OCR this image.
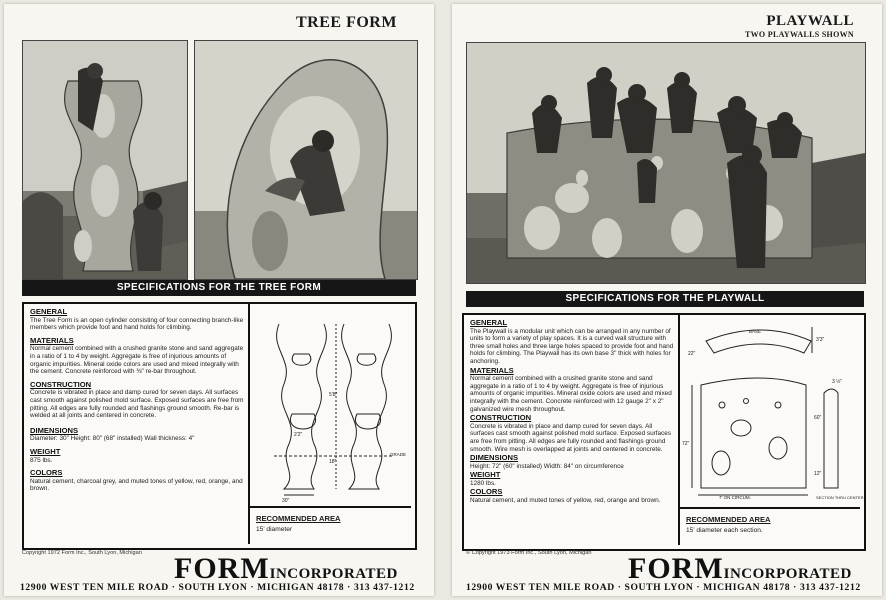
TREE FORM
SPECIFICATIONS FOR THE TREE FORM
GENERAL

The Tree Form is an open cylinder consisting of four connecting branch-like members which provide foot and hand holds for climbing.

MATERIALS

Normal cement combined with a crushed granite stone and sand aggregate in a ratio of 1 to 4 by weight. Aggregate is free of injurious amounts of organic impurities. Mineral oxide colors are used and mixed integrally with the cement. Concrete reinforced with ⅜" re-bar throughout.

CONSTRUCTION

Concrete is vibrated in place and damp cured for seven days. All surfaces cast smooth against polished mold surface. Exposed surfaces are free from pitting. All edges are fully rounded and flashings ground smooth. Re-bar is welded at all joints and centered in concrete.

DIMENSIONS

Diameter: 30" Height: 80" (68" installed) Wall thickness: 4"

WEIGHT

875 lbs.

COLORS

Natural cement, charcoal grey, and muted tones of yellow, red, orange, and brown.

5'8"
2'2"
18"
GRADE
30"
RECOMMENDED AREA
15' diameter
Copyright 1972 Form Inc., South Lyon, Michigan FORMINCORPORATED
12900 WEST TEN MILE ROAD · SOUTH LYON · MICHIGAN 48178 · 313 437-1212
PLAYWALL
TWO PLAYWALLS SHOWN
SPECIFICATIONS FOR THE PLAYWALL
GENERAL

The Playwall is a modular unit which can be arranged in any number of units to form a variety of play spaces. It is a curved wall structure with three small holes and three large holes spaced to provide foot and hand holds for climbing. The Playwall has its own base 3" thick with holes for anchoring.

MATERIALS

Normal cement combined with a crushed granite stone and sand aggregate in a ratio of 1 to 4 by weight. Aggregate is free of injurious amounts of organic impurities. Mineral oxide colors are used and mixed integrally with the cement. Concrete reinforced with 12 gauge 2" x 2" galvanized wire mesh throughout.

CONSTRUCTION

Concrete is vibrated in place and damp cured for seven days. All surfaces cast smooth against polished mold surface. Exposed surfaces are free from pitting. All edges are fully rounded and flashings ground smooth. Wire mesh is overlapped at joints and centered in concrete.

DIMENSIONS

Height: 72" (60" installed) Width: 84" on circumference

WEIGHT

1280 lbs.

COLORS

Natural cement, and muted tones of yellow, red, orange and brown.

BASE
3'3"
22"
3 ½"
72"
60"
12"
7' ON CIRCUM.	SECTION THRU CENTER
RECOMMENDED AREA
15' diameter each section.
© Copyright 1973 Form Inc., South Lyon, Michigan FORMINCORPORATED
12900 WEST TEN MILE ROAD · SOUTH LYON · MICHIGAN 48178 · 313 437-1212
